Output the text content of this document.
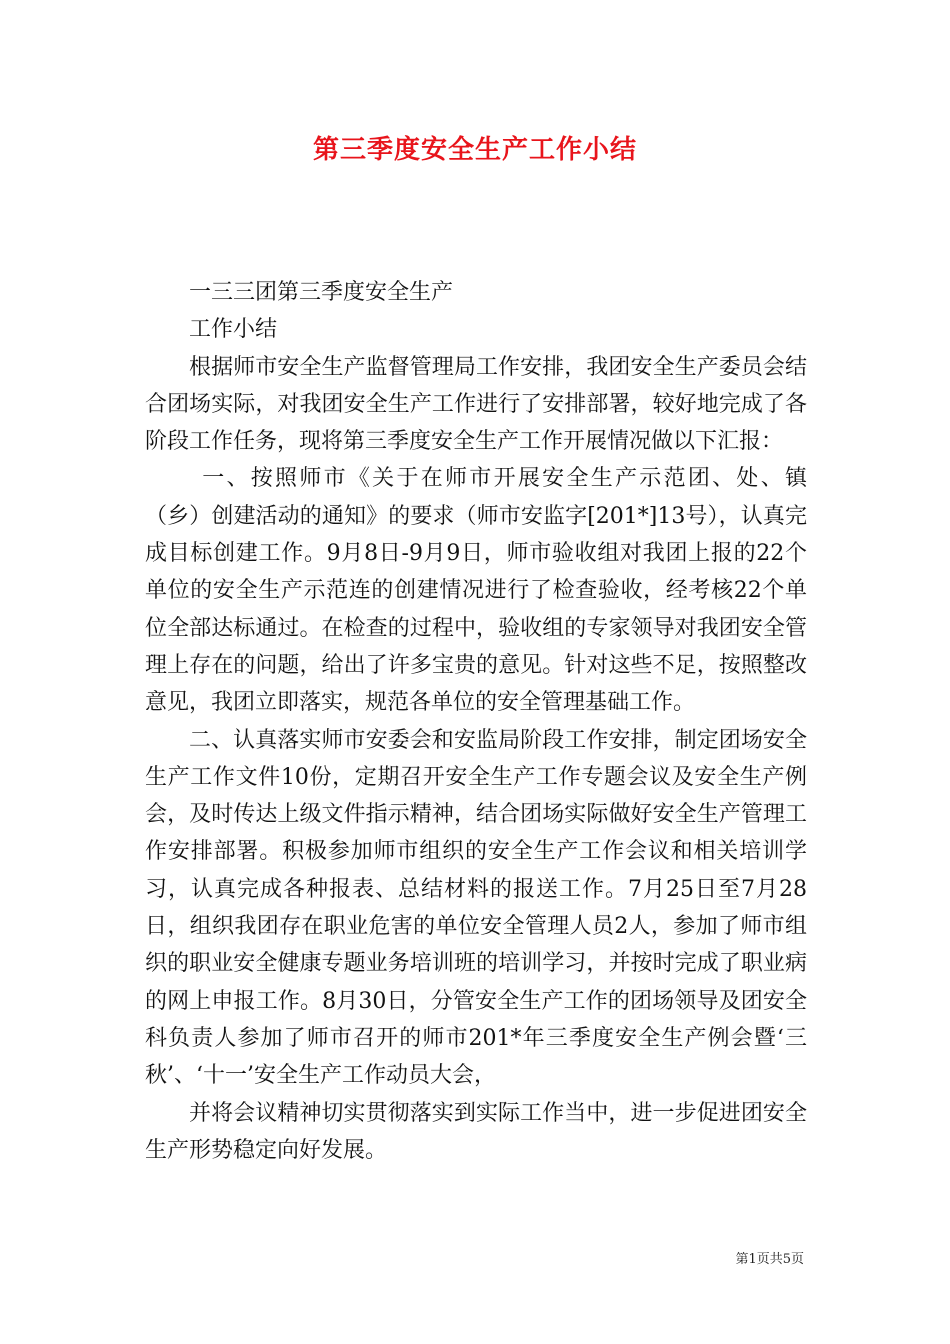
第三季度安全生产工作小结

一三三团第三季度安全生产

工作小结

根据师市安全生产监督管理局工作安排，我团安全生产委员会结合团场实际，对我团安全生产工作进行了安排部署，较好地完成了各阶段工作任务，现将第三季度安全生产工作开展情况做以下汇报：

一、按照师市《关于在师市开展安全生产示范团、处、镇（乡）创建活动的通知》的要求（师市安监字[201*]13号），认真完成目标创建工作。9月8日-9月9日，师市验收组对我团上报的22个单位的安全生产示范连的创建情况进行了检查验收，经考核22个单位全部达标通过。在检查的过程中，验收组的专家领导对我团安全管理上存在的问题，给出了许多宝贵的意见。针对这些不足，按照整改意见，我团立即落实，规范各单位的安全管理基础工作。

二、认真落实师市安委会和安监局阶段工作安排，制定团场安全生产工作文件10份，定期召开安全生产工作专题会议及安全生产例会，及时传达上级文件指示精神，结合团场实际做好安全生产管理工作安排部署。积极参加师市组织的安全生产工作会议和相关培训学习，认真完成各种报表、总结材料的报送工作。7月25日至7月28日，组织我团存在职业危害的单位安全管理人员2人，参加了师市组织的职业安全健康专题业务培训班的培训学习，并按时完成了职业病的网上申报工作。8月30日，分管安全生产工作的团场领导及团安全科负责人参加了师市召开的师市201*年三季度安全生产例会暨‘三秋’、‘十一’安全生产工作动员大会，

并将会议精神切实贯彻落实到实际工作当中，进一步促进团安全生产形势稳定向好发展。

第1页共5页
